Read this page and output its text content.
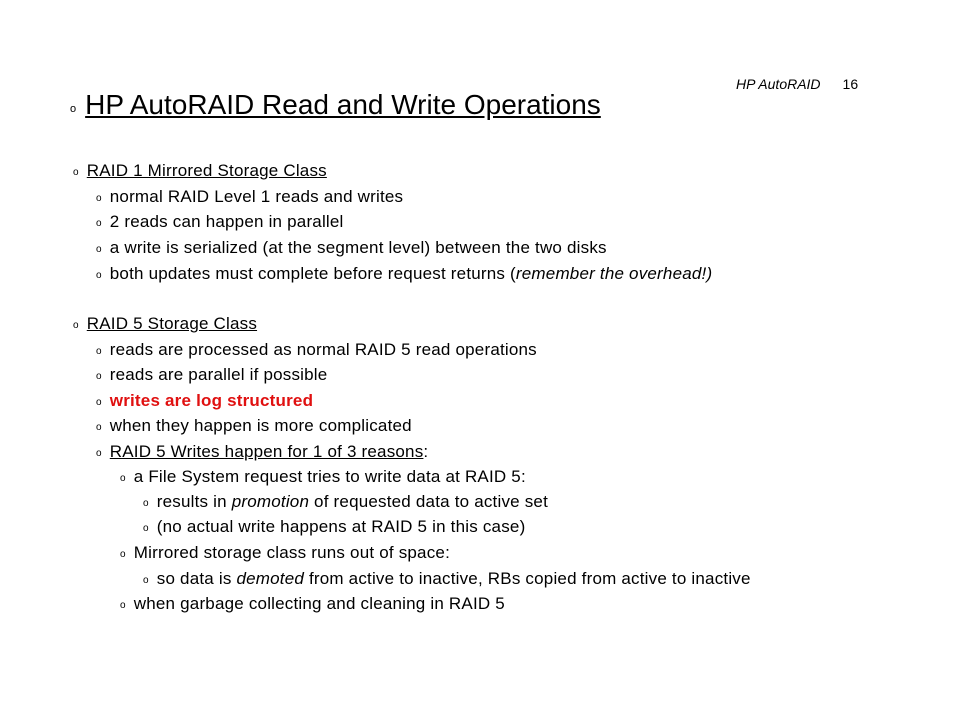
HP AutoRAID 16
o HP AutoRAID Read and Write Operations
o RAID 1 Mirrored Storage Class
o normal RAID Level 1 reads and writes
o 2 reads can happen in parallel
o a write is serialized (at the segment level) between the two disks
o both updates must complete before request returns (remember the overhead!)
o RAID 5 Storage Class
o reads are processed as normal RAID 5 read operations
o reads are parallel if possible
o writes are log structured
o when they happen is more complicated
o RAID 5 Writes happen for 1 of 3 reasons:
o a File System request tries to write data at RAID 5:
o results in promotion of requested data to active set
o (no actual write happens at RAID 5 in this case)
o Mirrored storage class runs out of space:
o so data is demoted from active to inactive, RBs copied from active to inactive
o when garbage collecting and cleaning in RAID 5
